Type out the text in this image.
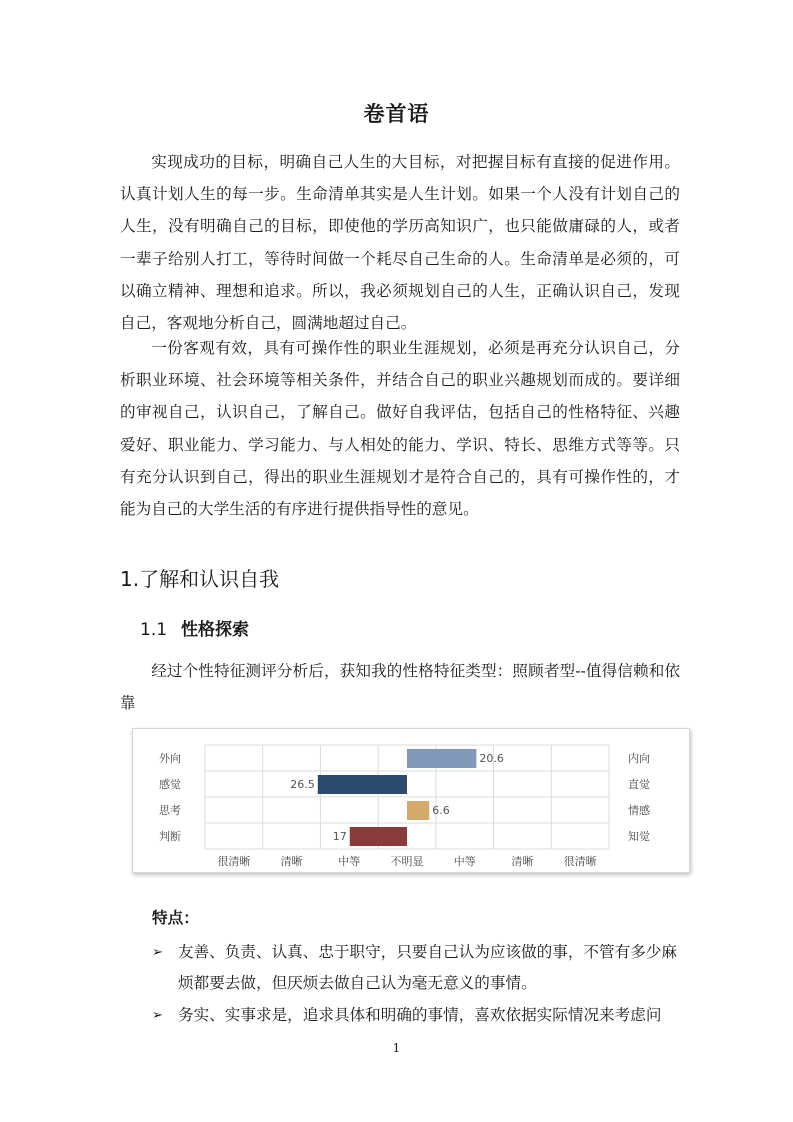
卷首语

实现成功的目标，明确自己人生的大目标，对把握目标有直接的促进作用。认真计划人生的每一步。生命清单其实是人生计划。如果一个人没有计划自己的人生，没有明确自己的目标，即使他的学历高知识广，也只能做庸碌的人，或者一辈子给别人打工，等待时间做一个耗尽自己生命的人。生命清单是必须的，可以确立精神、理想和追求。所以，我必须规划自己的人生，正确认识自己，发现自己，客观地分析自己，圆满地超过自己。

一份客观有效，具有可操作性的职业生涯规划，必须是再充分认识自己，分析职业环境、社会环境等相关条件，并结合自己的职业兴趣规划而成的。要详细的审视自己，认识自己，了解自己。做好自我评估，包括自己的性格特征、兴趣爱好、职业能力、学习能力、与人相处的能力、学识、特长、思维方式等等。只有充分认识到自己，得出的职业生涯规划才是符合自己的，具有可操作性的，才能为自己的大学生活的有序进行提供指导性的意见。

1.了解和认识自我
1.1 性格探索

经过个性特征测评分析后，获知我的性格特征类型：照顾者型--值得信赖和依靠

20.6
外向	内向
26.5
感觉	直觉
6.6
思考	情感
17
判断	知觉
很清晰	清晰	中等	不明显	中等	清晰	很清晰
特点：
➢ 友善、负责、认真、忠于职守，只要自己认为应该做的事，不管有多少麻烦都要去做，但厌烦去做自己认为毫无意义的事情。
➢ 务实、实事求是，追求具体和明确的事情，喜欢依据实际情况来考虑问
1
